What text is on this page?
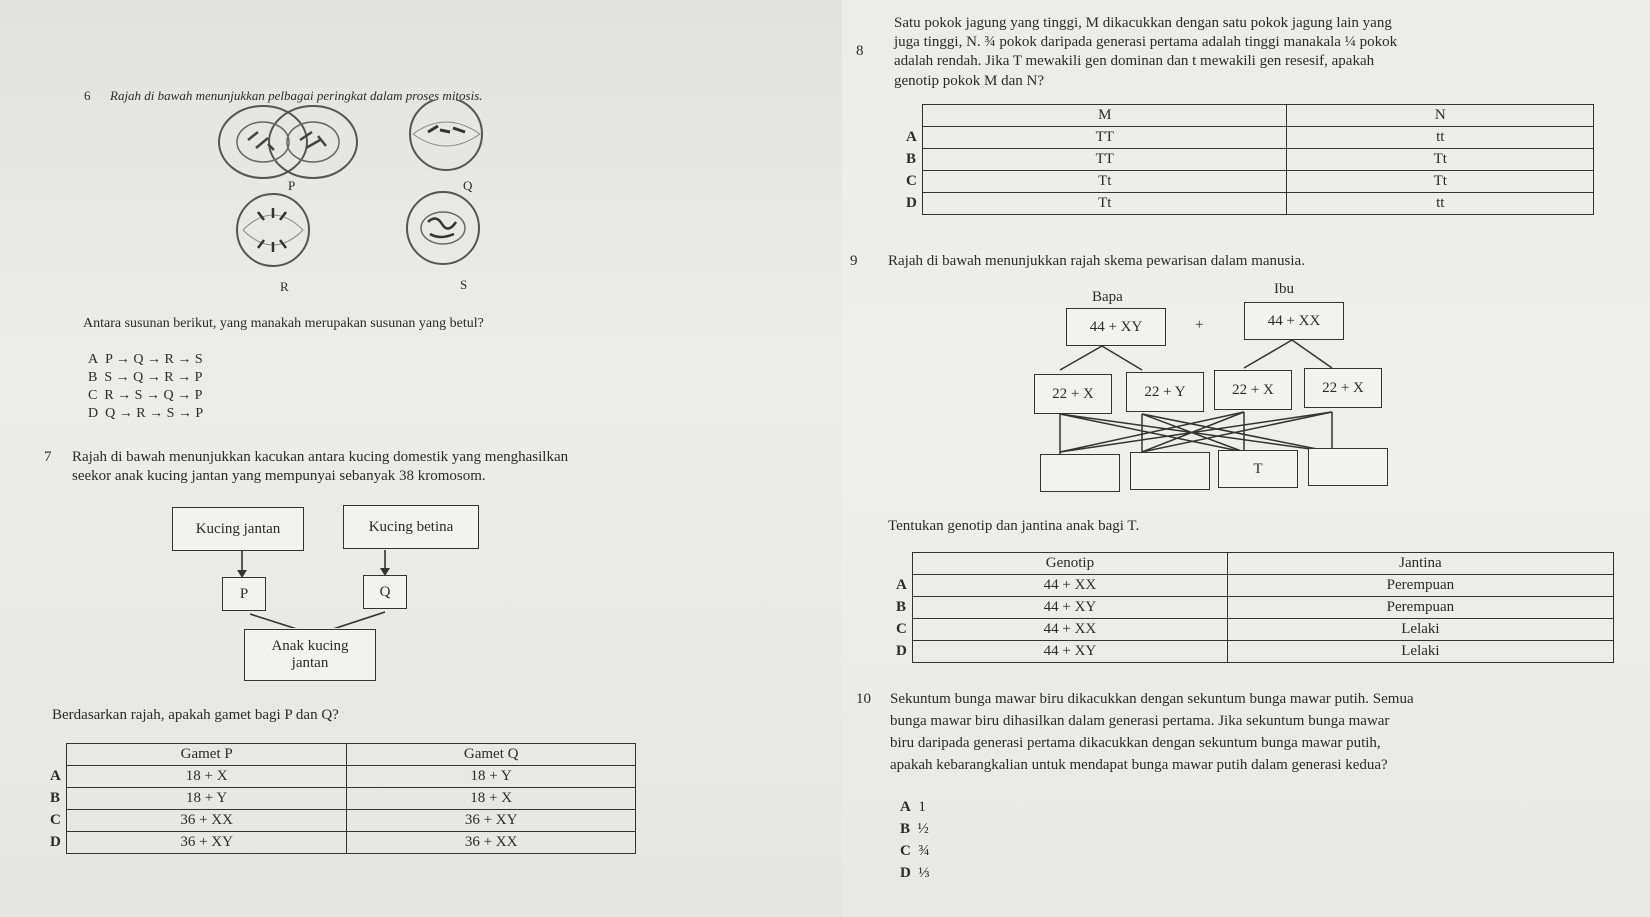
6 Rajah di bawah menunjukkan pelbagai peringkat dalam proses mitosis.
P	Q
R	S
Antara susunan berikut, yang manakah merupakan susunan yang betul?
A P → Q → R → S
B S → Q → R → P
C R → S → Q → P
D Q → R → S → P
7 Rajah di bawah menunjukkan kacukan antara kucing domestik yang menghasilkan
seekor anak kucing jantan yang mempunyai sebanyak 38 kromosom.
Kucing jantan	Kucing betina
P	Q
Anak kucing
jantan
Berdasarkan rajah, apakah gamet bagi P dan Q?
	Gamet P	Gamet Q
A	18 + X	18 + Y
B	18 + Y	18 + X
C	36 + XX	36 + XY
D	36 + XY	36 + XX
8
Satu pokok jagung yang tinggi, M dikacukkan dengan satu pokok jagung lain yang
juga tinggi, N. ¾ pokok daripada generasi pertama adalah tinggi manakala ¼ pokok
adalah rendah. Jika T mewakili gen dominan dan t mewakili gen resesif, apakah
genotip pokok M dan N?
	M	N
A	TT	tt
B	TT	Tt
C	Tt	Tt
D	Tt	tt
9 Rajah di bawah menunjukkan rajah skema pewarisan dalam manusia.
Bapa	Ibu
44 + XY	+	44 + XX
22 + X	22 + Y	22 + X	22 + X
T
Tentukan genotip dan jantina anak bagi T.
	Genotip	Jantina
A	44 + XX	Perempuan
B	44 + XY	Perempuan
C	44 + XX	Lelaki
D	44 + XY	Lelaki
10 Sekuntum bunga mawar biru dikacukkan dengan sekuntum bunga mawar putih. Semua
bunga mawar biru dihasilkan dalam generasi pertama. Jika sekuntum bunga mawar
biru daripada generasi pertama dikacukkan dengan sekuntum bunga mawar putih,
apakah kebarangkalian untuk mendapat bunga mawar putih dalam generasi kedua?
A 1
B ½
C ¾
D ⅓
